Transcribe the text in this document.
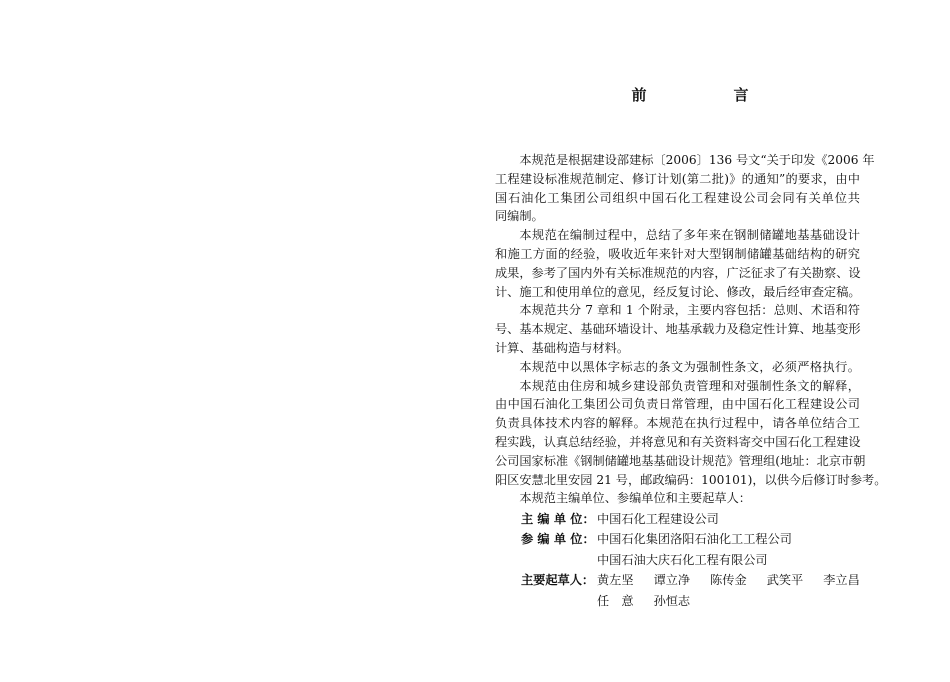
前　言

本规范是根据建设部建标〔2006〕136 号文“关于印发《2006 年
工程建设标准规范制定、修订计划(第二批)》的通知”的要求，由中
国石油化工集团公司组织中国石化工程建设公司会同有关单位共
同编制。

本规范在编制过程中，总结了多年来在钢制储罐地基基础设计
和施工方面的经验，吸收近年来针对大型钢制储罐基础结构的研究
成果，参考了国内外有关标准规范的内容，广泛征求了有关勘察、设
计、施工和使用单位的意见，经反复讨论、修改，最后经审查定稿。

本规范共分 7 章和 1 个附录，主要内容包括：总则、术语和符
号、基本规定、基础环墙设计、地基承载力及稳定性计算、地基变形
计算、基础构造与材料。

本规范中以黑体字标志的条文为强制性条文，必须严格执行。

本规范由住房和城乡建设部负责管理和对强制性条文的解释，
由中国石油化工集团公司负责日常管理，由中国石化工程建设公司
负责具体技术内容的解释。本规范在执行过程中，请各单位结合工
程实践，认真总结经验，并将意见和有关资料寄交中国石化工程建设
公司国家标准《钢制储罐地基基础设计规范》管理组(地址：北京市朝
阳区安慧北里安园 21 号，邮政编码：100101)，以供今后修订时参考。

本规范主编单位、参编单位和主要起草人：

主 编 单 位： 中国石化工程建设公司
参 编 单 位： 中国石化集团洛阳石油化工工程公司
中国石油大庆石化工程有限公司
主要起草人： 黄左坚 谭立净 陈传金 武笑平 李立昌
任　意 孙恒志
